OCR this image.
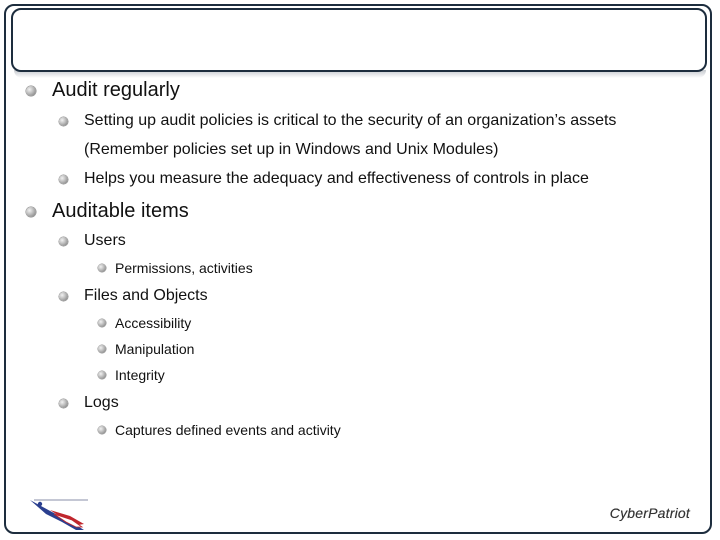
Audit regularly
Setting up audit policies is critical to the security of an organization’s assets
(Remember policies set up in Windows and Unix Modules)
Helps you measure the adequacy and effectiveness of controls in place
Auditable items
Users
Permissions, activities
Files and Objects
Accessibility
Manipulation
Integrity
Logs
Captures defined events and activity
CyberPatriot
